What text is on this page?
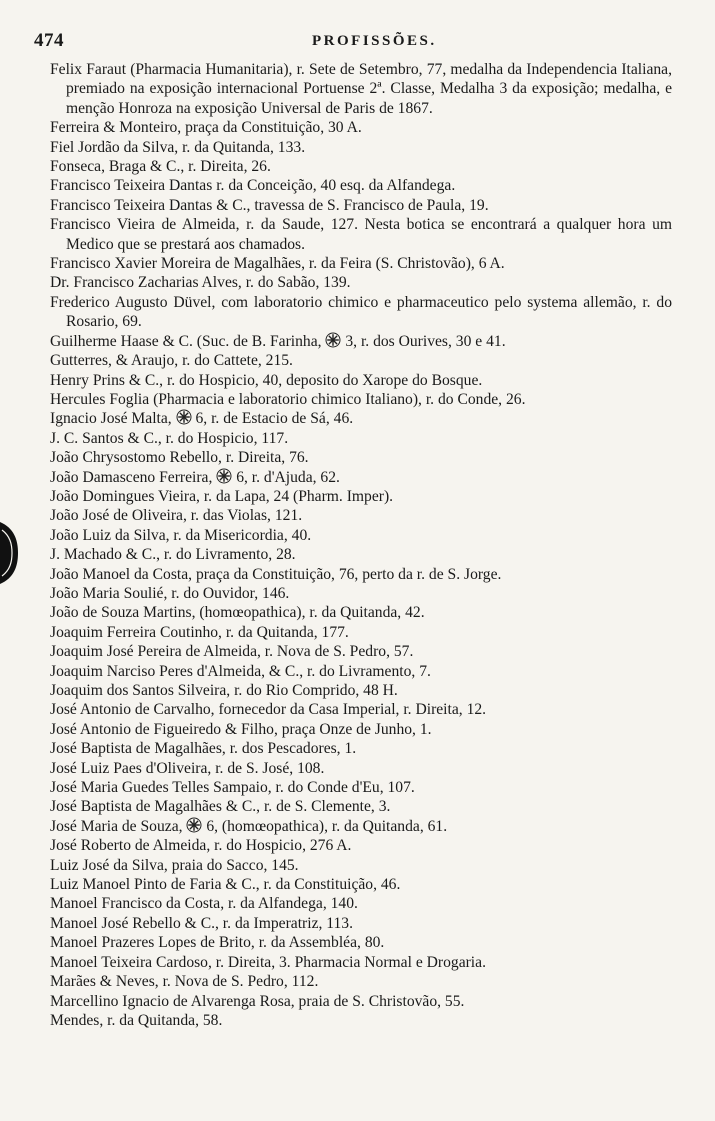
474	PROFISSÕES.
Felix Faraut (Pharmacia Humanitaria), r. Sete de Setembro, 77, medalha da Independencia Italiana, premiado na exposição internacional Portuense 2ª. Classe, Medalha 3 da exposição; medalha, e menção Honroza na exposição Universal de Paris de 1867.
Ferreira & Monteiro, praça da Constituição, 30 A.
Fiel Jordão da Silva, r. da Quitanda, 133.
Fonseca, Braga & C., r. Direita, 26.
Francisco Teixeira Dantas r. da Conceição, 40 esq. da Alfandega.
Francisco Teixeira Dantas & C., travessa de S. Francisco de Paula, 19.
Francisco Vieira de Almeida, r. da Saude, 127. Nesta botica se encontrará a qualquer hora um Medico que se prestará aos chamados.
Francisco Xavier Moreira de Magalhães, r. da Feira (S. Christovão), 6 A.
Dr. Francisco Zacharias Alves, r. do Sabão, 139.
Frederico Augusto Düvel, com laboratorio chimico e pharmaceutico pelo systema allemão, r. do Rosario, 69.
Guilherme Haase & C. (Suc. de B. Farinha, 3, r. dos Ourives, 30 e 41.
Gutterres, & Araujo, r. do Cattete, 215.
Henry Prins & C., r. do Hospicio, 40, deposito do Xarope do Bosque.
Hercules Foglia (Pharmacia e laboratorio chimico Italiano), r. do Conde, 26.
Ignacio José Malta, 6, r. de Estacio de Sá, 46.
J. C. Santos & C., r. do Hospicio, 117.
João Chrysostomo Rebello, r. Direita, 76.
João Damasceno Ferreira, 6, r. d'Ajuda, 62.
João Domingues Vieira, r. da Lapa, 24 (Pharm. Imper).
João José de Oliveira, r. das Violas, 121.
João Luiz da Silva, r. da Misericordia, 40.
J. Machado & C., r. do Livramento, 28.
João Manoel da Costa, praça da Constituição, 76, perto da r. de S. Jorge.
João Maria Soulié, r. do Ouvidor, 146.
João de Souza Martins, (homœopathica), r. da Quitanda, 42.
Joaquim Ferreira Coutinho, r. da Quitanda, 177.
Joaquim José Pereira de Almeida, r. Nova de S. Pedro, 57.
Joaquim Narciso Peres d'Almeida, & C., r. do Livramento, 7.
Joaquim dos Santos Silveira, r. do Rio Comprido, 48 H.
José Antonio de Carvalho, fornecedor da Casa Imperial, r. Direita, 12.
José Antonio de Figueiredo & Filho, praça Onze de Junho, 1.
José Baptista de Magalhães, r. dos Pescadores, 1.
José Luiz Paes d'Oliveira, r. de S. José, 108.
José Maria Guedes Telles Sampaio, r. do Conde d'Eu, 107.
José Baptista de Magalhães & C., r. de S. Clemente, 3.
José Maria de Souza, 6, (homœopathica), r. da Quitanda, 61.
José Roberto de Almeida, r. do Hospicio, 276 A.
Luiz José da Silva, praia do Sacco, 145.
Luiz Manoel Pinto de Faria & C., r. da Constituição, 46.
Manoel Francisco da Costa, r. da Alfandega, 140.
Manoel José Rebello & C., r. da Imperatriz, 113.
Manoel Prazeres Lopes de Brito, r. da Assembléa, 80.
Manoel Teixeira Cardoso, r. Direita, 3. Pharmacia Normal e Drogaria.
Marães & Neves, r. Nova de S. Pedro, 112.
Marcellino Ignacio de Alvarenga Rosa, praia de S. Christovão, 55.
Mendes, r. da Quitanda, 58.
